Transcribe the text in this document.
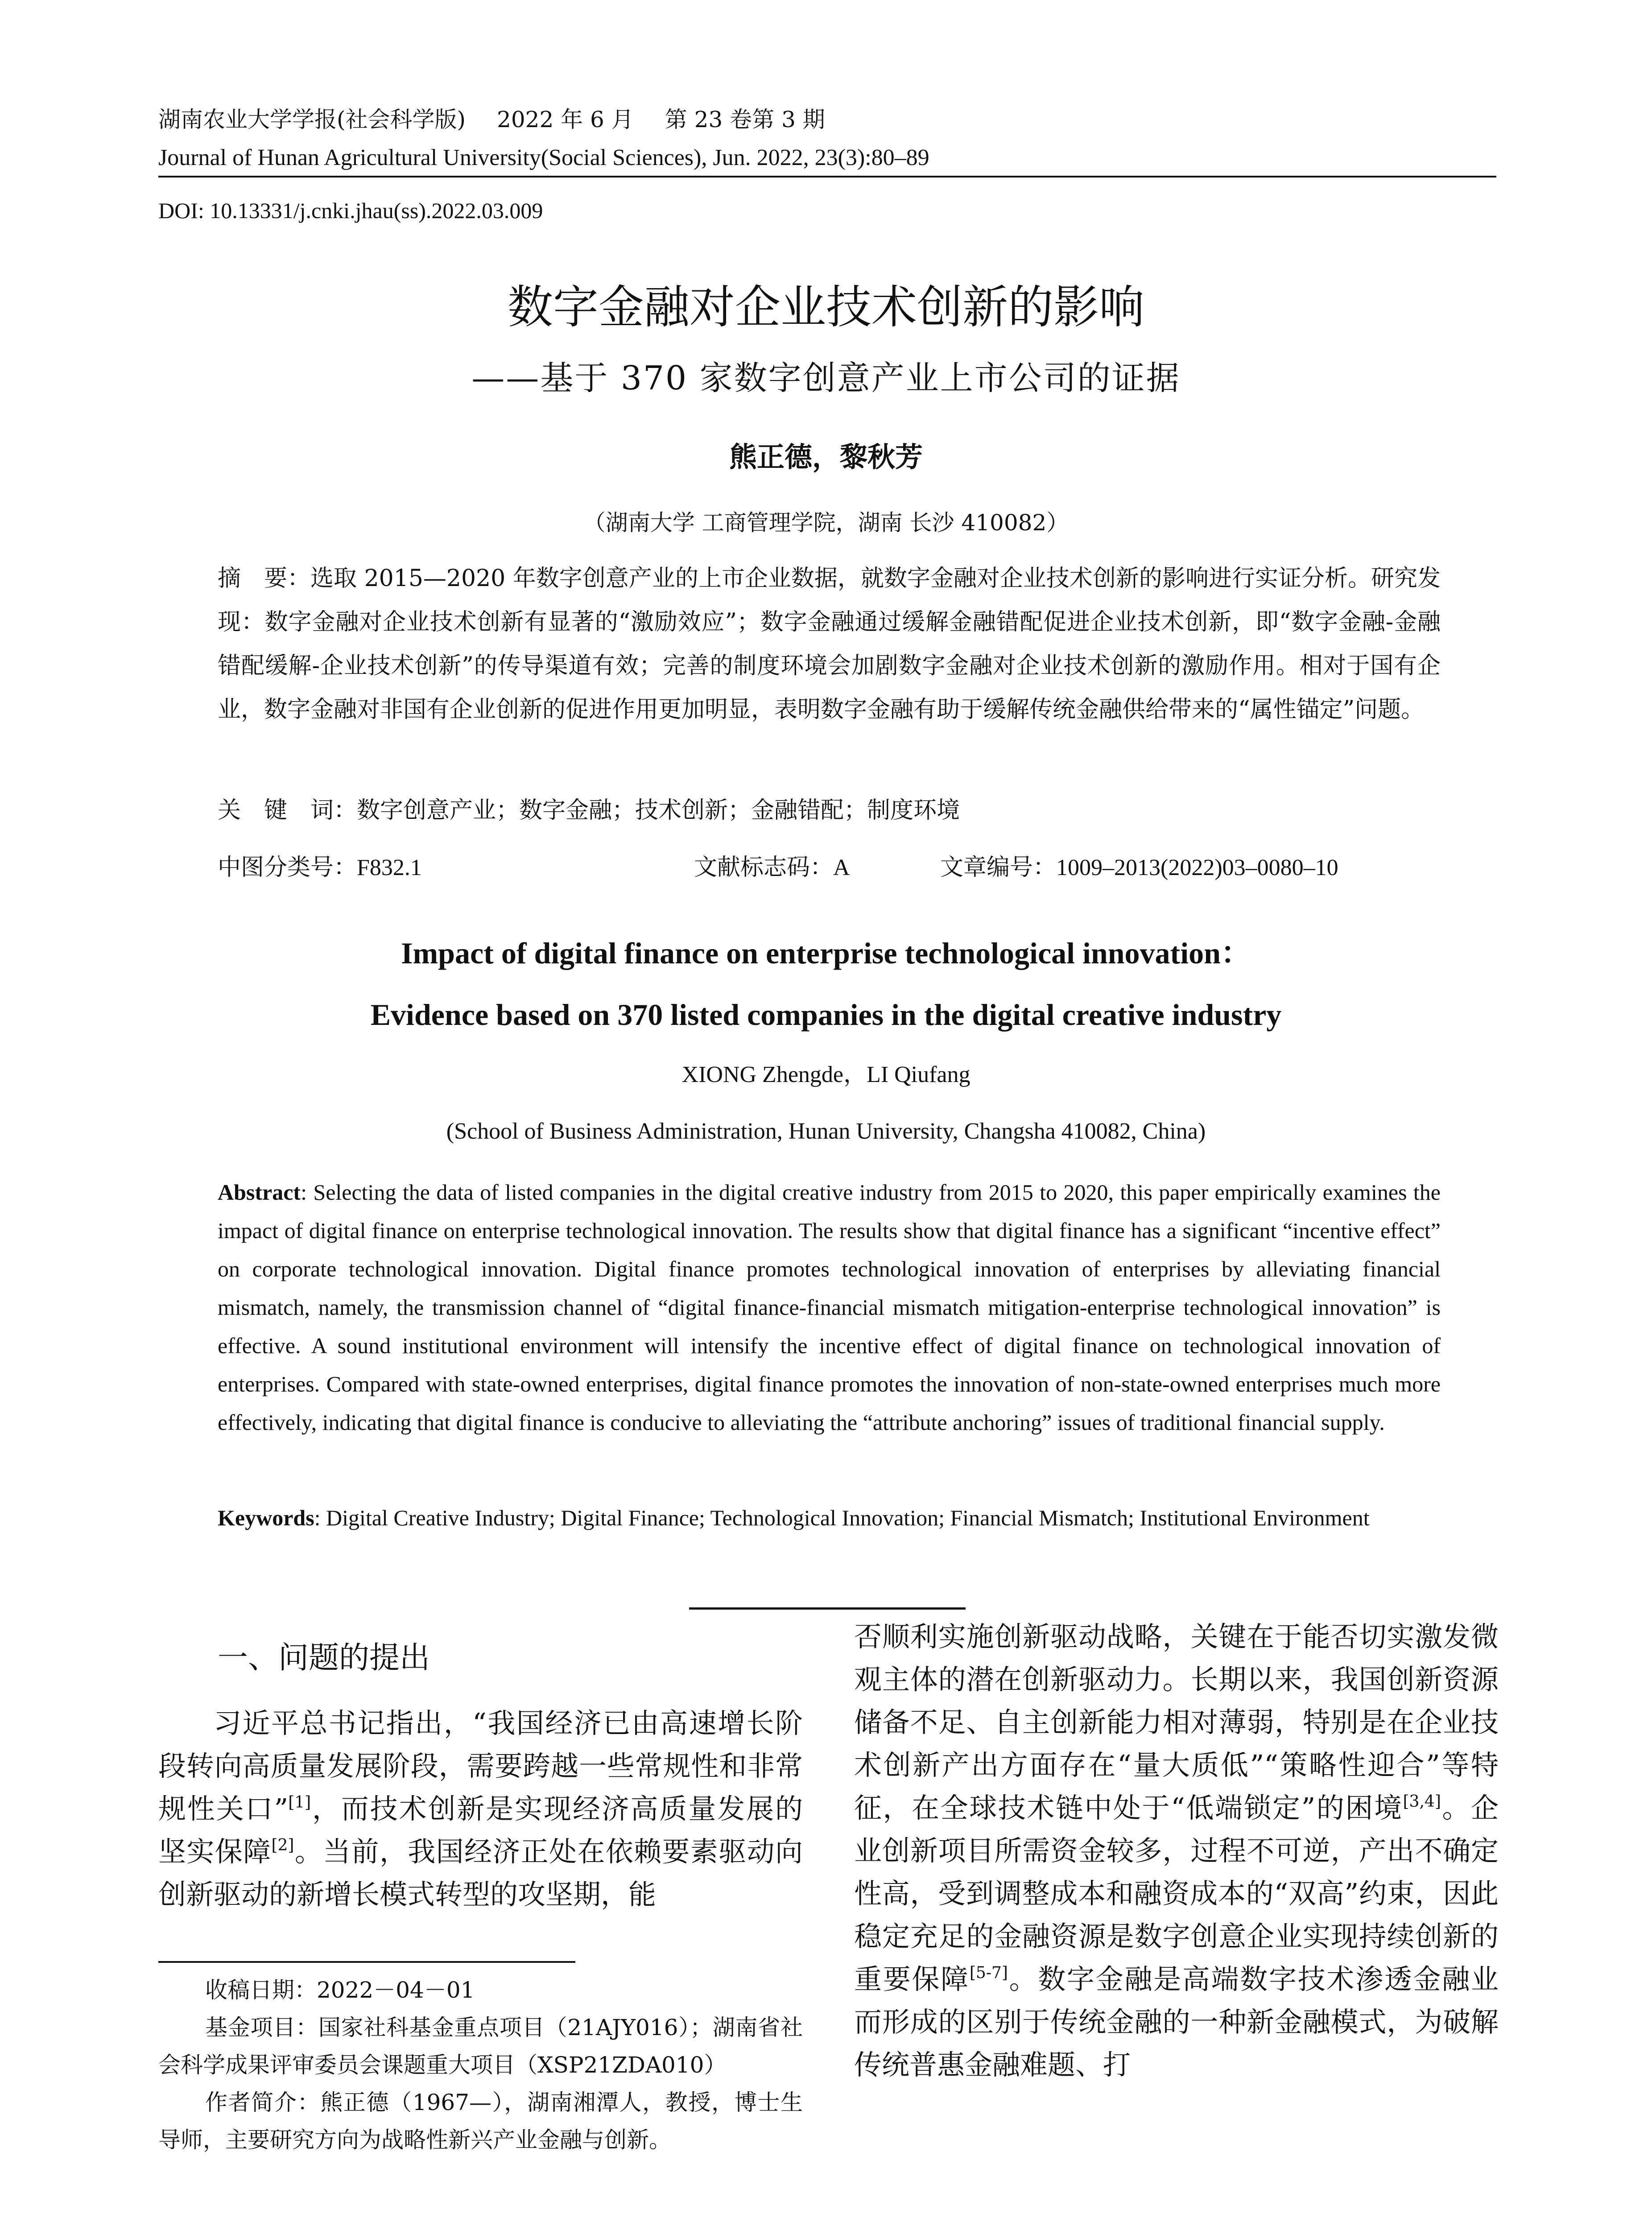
湖南农业大学学报(社会科学版) 2022 年 6 月 第 23 卷第 3 期
Journal of Hunan Agricultural University(Social Sciences), Jun. 2022, 23(3):80–89
DOI: 10.13331/j.cnki.jhau(ss).2022.03.009
数字金融对企业技术创新的影响
——基于 370 家数字创意产业上市公司的证据
熊正德，黎秋芳
（湖南大学 工商管理学院，湖南 长沙 410082）
摘　要：选取 2015—2020 年数字创意产业的上市企业数据，就数字金融对企业技术创新的影响进行实证分析。研究发现：数字金融对企业技术创新有显著的“激励效应”；数字金融通过缓解金融错配促进企业技术创新，即“数字金融-金融错配缓解-企业技术创新”的传导渠道有效；完善的制度环境会加剧数字金融对企业技术创新的激励作用。相对于国有企业，数字金融对非国有企业创新的促进作用更加明显，表明数字金融有助于缓解传统金融供给带来的“属性锚定”问题。
关　键　词：数字创意产业；数字金融；技术创新；金融错配；制度环境
中图分类号：F832.1	文献标志码：A	文章编号：1009–2013(2022)03–0080–10
Impact of digital finance on enterprise technological innovation：
Evidence based on 370 listed companies in the digital creative industry
XIONG Zhengde，LI Qiufang
(School of Business Administration, Hunan University, Changsha 410082, China)
Abstract: Selecting the data of listed companies in the digital creative industry from 2015 to 2020, this paper empirically examines the impact of digital finance on enterprise technological innovation. The results show that digital finance has a significant “incentive effect” on corporate technological innovation. Digital finance promotes technological innovation of enterprises by alleviating financial mismatch, namely, the transmission channel of “digital finance-financial mismatch mitigation-enterprise technological innovation” is effective. A sound institutional environment will intensify the incentive effect of digital finance on technological innovation of enterprises. Compared with state-owned enterprises, digital finance promotes the innovation of non-state-owned enterprises much more effectively, indicating that digital finance is conducive to alleviating the “attribute anchoring” issues of traditional financial supply.
Keywords: Digital Creative Industry; Digital Finance; Technological Innovation; Financial Mismatch; Institutional Environment
一、问题的提出
习近平总书记指出，“我国经济已由高速增长阶段转向高质量发展阶段，需要跨越一些常规性和非常规性关口”[1]，而技术创新是实现经济高质量发展的坚实保障[2]。当前，我国经济正处在依赖要素驱动向创新驱动的新增长模式转型的攻坚期，能
否顺利实施创新驱动战略，关键在于能否切实激发微观主体的潜在创新驱动力。长期以来，我国创新资源储备不足、自主创新能力相对薄弱，特别是在企业技术创新产出方面存在“量大质低”“策略性迎合”等特征，在全球技术链中处于“低端锁定”的困境[3,4]。企业创新项目所需资金较多，过程不可逆，产出不确定性高，受到调整成本和融资成本的“双高”约束，因此稳定充足的金融资源是数字创意企业实现持续创新的重要保障[5-7]。数字金融是高端数字技术渗透金融业而形成的区别于传统金融的一种新金融模式，为破解传统普惠金融难题、打
收稿日期：2022－04－01
基金项目：国家社科基金重点项目（21AJY016）；湖南省社会科学成果评审委员会课题重大项目（XSP21ZDA010）
作者简介：熊正德（1967—），湖南湘潭人，教授，博士生导师，主要研究方向为战略性新兴产业金融与创新。
